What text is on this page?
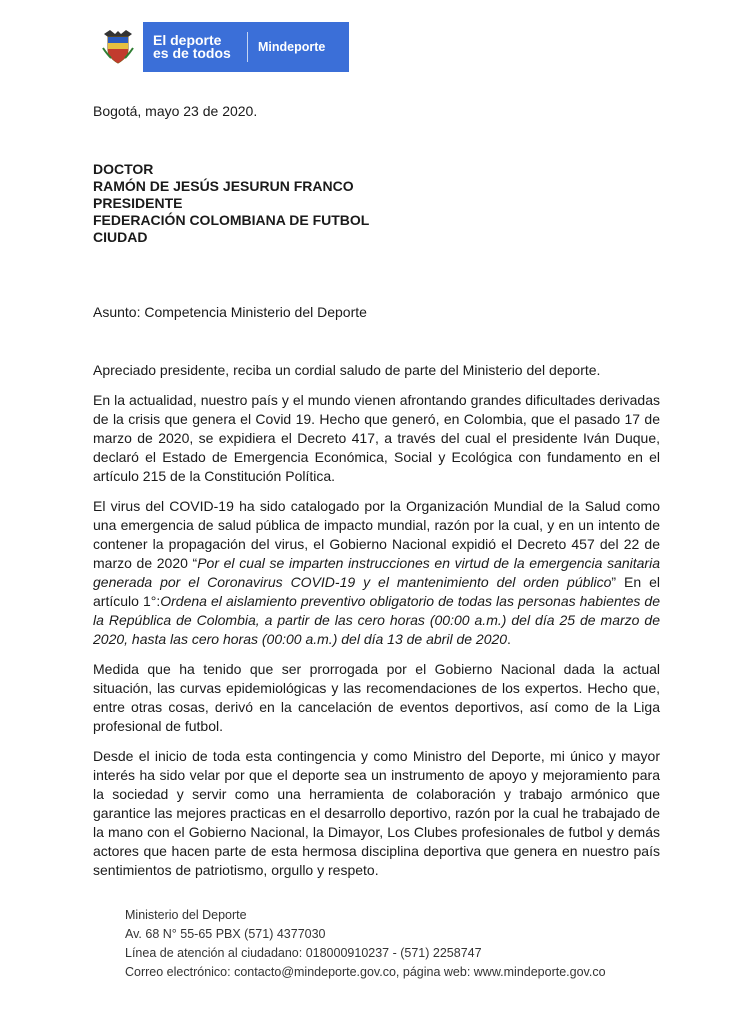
El deporte
es de todos	Mindeporte
Bogotá, mayo 23 de 2020.
DOCTOR
RAMÓN DE JESÚS JESURUN FRANCO
PRESIDENTE
FEDERACIÓN COLOMBIANA DE FUTBOL
CIUDAD
Asunto: Competencia Ministerio del Deporte

Apreciado presidente, reciba un cordial saludo de parte del Ministerio del deporte.

En la actualidad, nuestro país y el mundo vienen afrontando grandes dificultades derivadas de la crisis que genera el Covid 19. Hecho que generó, en Colombia, que el pasado 17 de marzo de 2020, se expidiera el Decreto 417, a través del cual el presidente Iván Duque, declaró el Estado de Emergencia Económica, Social y Ecológica con fundamento en el artículo 215 de la Constitución Política.

El virus del COVID-19 ha sido catalogado por la Organización Mundial de la Salud como una emergencia de salud pública de impacto mundial, razón por la cual, y en un intento de contener la propagación del virus, el Gobierno Nacional expidió el Decreto 457 del 22 de marzo de 2020 “Por el cual se imparten instrucciones en virtud de la emergencia sanitaria generada por el Coronavirus COVID-19 y el mantenimiento del orden público” En el artículo 1°:Ordena el aislamiento preventivo obligatorio de todas las personas habientes de la República de Colombia, a partir de las cero horas (00:00 a.m.) del día 25 de marzo de 2020, hasta las cero horas (00:00 a.m.) del día 13 de abril de 2020.

Medida que ha tenido que ser prorrogada por el Gobierno Nacional dada la actual situación, las curvas epidemiológicas y las recomendaciones de los expertos. Hecho que, entre otras cosas, derivó en la cancelación de eventos deportivos, así como de la Liga profesional de futbol.

Desde el inicio de toda esta contingencia y como Ministro del Deporte, mi único y mayor interés ha sido velar por que el deporte sea un instrumento de apoyo y mejoramiento para la sociedad y servir como una herramienta de colaboración y trabajo armónico que garantice las mejores practicas en el desarrollo deportivo, razón por la cual he trabajado de la mano con el Gobierno Nacional, la Dimayor, Los Clubes profesionales de futbol y demás actores que hacen parte de esta hermosa disciplina deportiva que genera en nuestro país sentimientos de patriotismo, orgullo y respeto.

Ministerio del Deporte
Av. 68 N° 55-65 PBX (571) 4377030
Línea de atención al ciudadano: 018000910237 - (571) 2258747
Correo electrónico: contacto@mindeporte.gov.co, página web: www.mindeporte.gov.co
